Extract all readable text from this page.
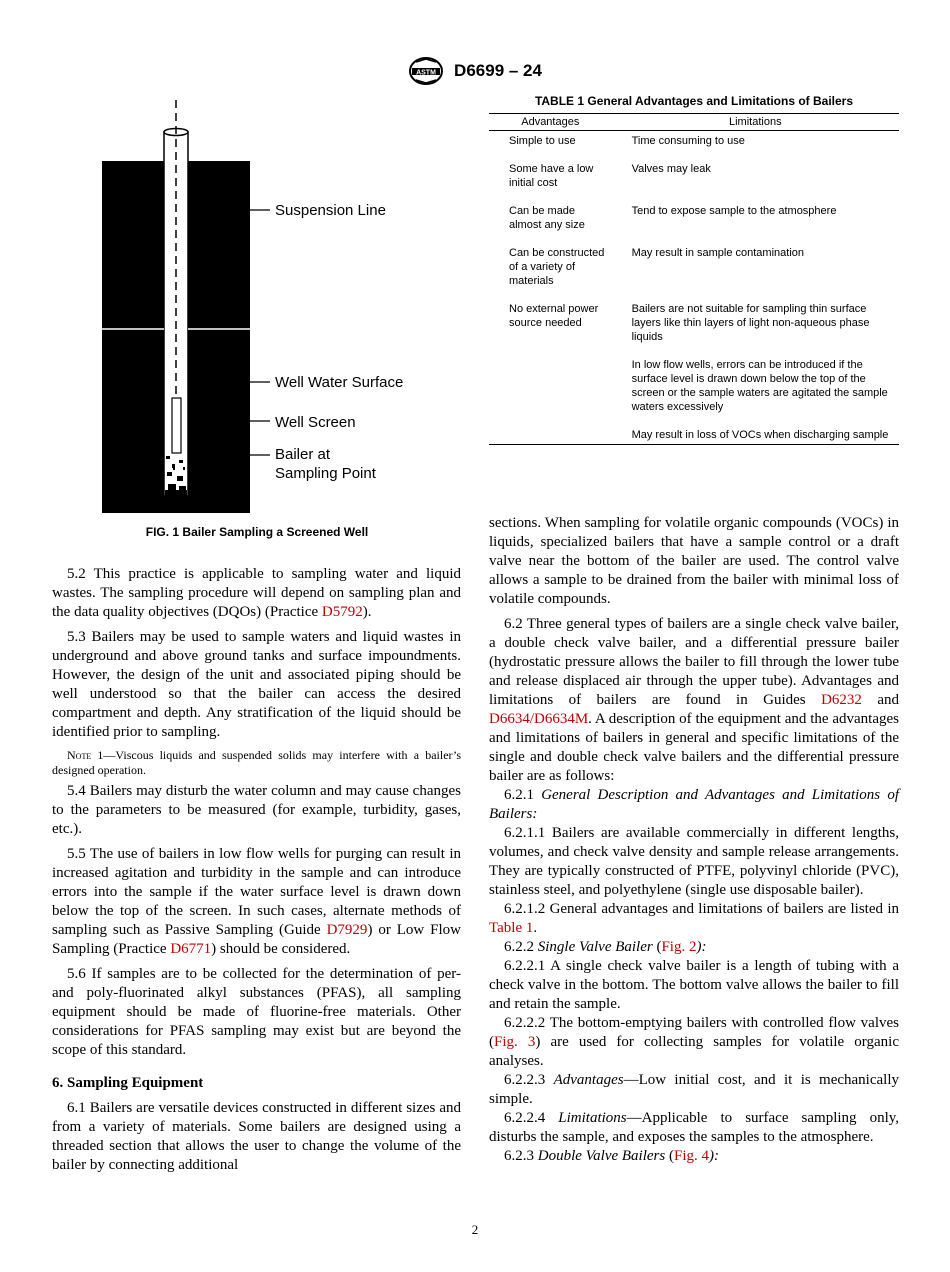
ASTM D6699 – 24
Suspension Line
Well Water Surface
Well Screen
Bailer at
Sampling Point
FIG. 1 Bailer Sampling a Screened Well
TABLE 1 General Advantages and Limitations of Bailers
Advantages	Limitations
Simple to use	Time consuming to use
Some have a low initial cost	Valves may leak
Can be made almost any size	Tend to expose sample to the atmosphere
Can be constructed of a variety of materials	May result in sample contamination
No external power source needed	Bailers are not suitable for sampling thin surface layers like thin layers of light non-aqueous phase liquids
	In low flow wells, errors can be introduced if the surface level is drawn down below the top of the screen or the sample waters are agitated the sample waters excessively
	May result in loss of VOCs when discharging sample

5.2 This practice is applicable to sampling water and liquid wastes. The sampling procedure will depend on sampling plan and the data quality objectives (DQOs) (Practice D5792).

5.3 Bailers may be used to sample waters and liquid wastes in underground and above ground tanks and surface impoundments. However, the design of the unit and associated piping should be well understood so that the bailer can access the desired compartment and depth. Any stratification of the liquid should be identified prior to sampling.

Note 1—Viscous liquids and suspended solids may interfere with a bailer’s designed operation.

5.4 Bailers may disturb the water column and may cause changes to the parameters to be measured (for example, turbidity, gases, etc.).

5.5 The use of bailers in low flow wells for purging can result in increased agitation and turbidity in the sample and can introduce errors into the sample if the water surface level is drawn down below the top of the screen. In such cases, alternate methods of sampling such as Passive Sampling (Guide D7929) or Low Flow Sampling (Practice D6771) should be considered.

5.6 If samples are to be collected for the determination of per- and poly-fluorinated alkyl substances (PFAS), all sampling equipment should be made of fluorine-free materials. Other considerations for PFAS sampling may exist but are beyond the scope of this standard.

6. Sampling Equipment

6.1 Bailers are versatile devices constructed in different sizes and from a variety of materials. Some bailers are designed using a threaded section that allows the user to change the volume of the bailer by connecting additional

sections. When sampling for volatile organic compounds (VOCs) in liquids, specialized bailers that have a sample control or a draft valve near the bottom of the bailer are used. The control valve allows a sample to be drained from the bailer with minimal loss of volatile compounds.

6.2 Three general types of bailers are a single check valve bailer, a double check valve bailer, and a differential pressure bailer (hydrostatic pressure allows the bailer to fill through the lower tube and release displaced air through the upper tube). Advantages and limitations of bailers are found in Guides D6232 and D6634/D6634M. A description of the equipment and the advantages and limitations of bailers in general and specific limitations of the single and double check valve bailers and the differential pressure bailer are as follows:

6.2.1 General Description and Advantages and Limitations of Bailers:

6.2.1.1 Bailers are available commercially in different lengths, volumes, and check valve density and sample release arrangements. They are typically constructed of PTFE, polyvinyl chloride (PVC), stainless steel, and polyethylene (single use disposable bailer).

6.2.1.2 General advantages and limitations of bailers are listed in Table 1.

6.2.2 Single Valve Bailer (Fig. 2):

6.2.2.1 A single check valve bailer is a length of tubing with a check valve in the bottom. The bottom valve allows the bailer to fill and retain the sample.

6.2.2.2 The bottom-emptying bailers with controlled flow valves (Fig. 3) are used for collecting samples for volatile organic analyses.

6.2.2.3 Advantages—Low initial cost, and it is mechanically simple.

6.2.2.4 Limitations—Applicable to surface sampling only, disturbs the sample, and exposes the samples to the atmosphere.

6.2.3 Double Valve Bailers (Fig. 4):

2
